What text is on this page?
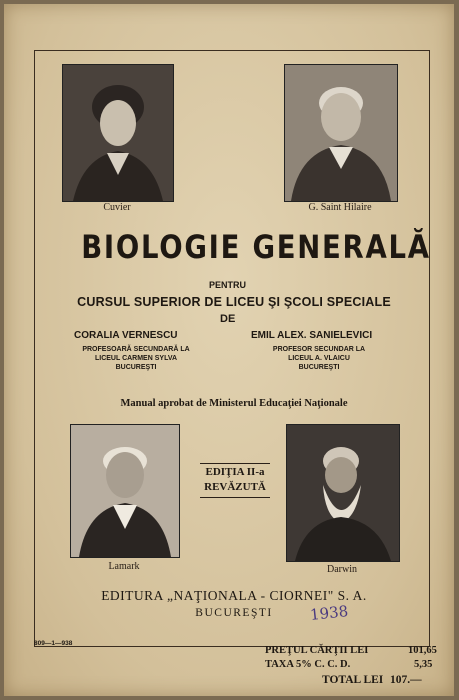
Cuvier	G. Saint Hilaire
BIOLOGIE GENERALĂ
PENTRU
CURSUL SUPERIOR DE LICEU ŞI ŞCOLI SPECIALE
DE
CORALIA VERNESCU
PROFESOARĂ SECUNDARĂ LA
LICEUL CARMEN SYLVA
BUCUREŞTI
EMIL ALEX. SANIELEVICI
PROFESOR SECUNDAR LA
LICEUL A. VLAICU
BUCUREŞTI
Manual aprobat de Ministerul Educaţiei Naţionale
Lamark
EDIŢIA II-a
REVĂZUTĂ
Darwin
EDITURA „NAŢIONALA - CIORNEI" S. A.
BUCUREŞTI	1938
809—1—938
PREŢUL CĂRŢII LEI	101,65
TAXA 5% C. C. D.	5,35
TOTAL LEI 107.—
